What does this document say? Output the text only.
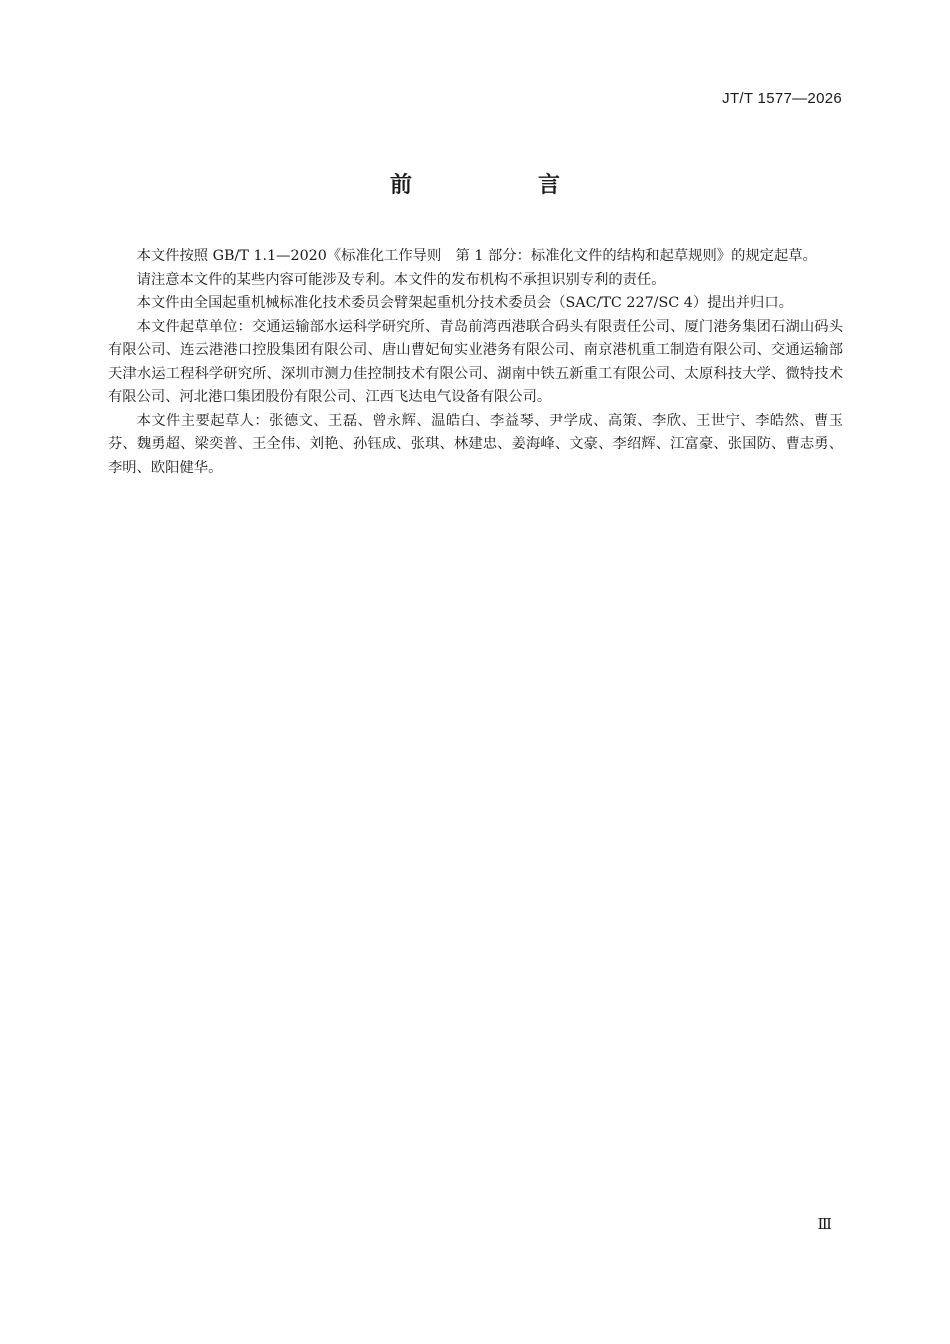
JT/T 1577—2026
前　言

本文件按照 GB/T 1.1—2020《标准化工作导则　第 1 部分：标准化文件的结构和起草规则》的规定起草。

请注意本文件的某些内容可能涉及专利。本文件的发布机构不承担识别专利的责任。

本文件由全国起重机械标准化技术委员会臂架起重机分技术委员会（SAC/TC 227/SC 4）提出并归口。

本文件起草单位：交通运输部水运科学研究所、青岛前湾西港联合码头有限责任公司、厦门港务集团石湖山码头有限公司、连云港港口控股集团有限公司、唐山曹妃甸实业港务有限公司、南京港机重工制造有限公司、交通运输部天津水运工程科学研究所、深圳市测力佳控制技术有限公司、湖南中铁五新重工有限公司、太原科技大学、微特技术有限公司、河北港口集团股份有限公司、江西飞达电气设备有限公司。

本文件主要起草人：张德文、王磊、曾永辉、温皓白、李益琴、尹学成、高策、李欣、王世宁、李皓然、曹玉芬、魏勇超、梁奕普、王全伟、刘艳、孙钰成、张琪、林建忠、姜海峰、文豪、李绍辉、江富豪、张国防、曹志勇、李明、欧阳健华。

Ⅲ
